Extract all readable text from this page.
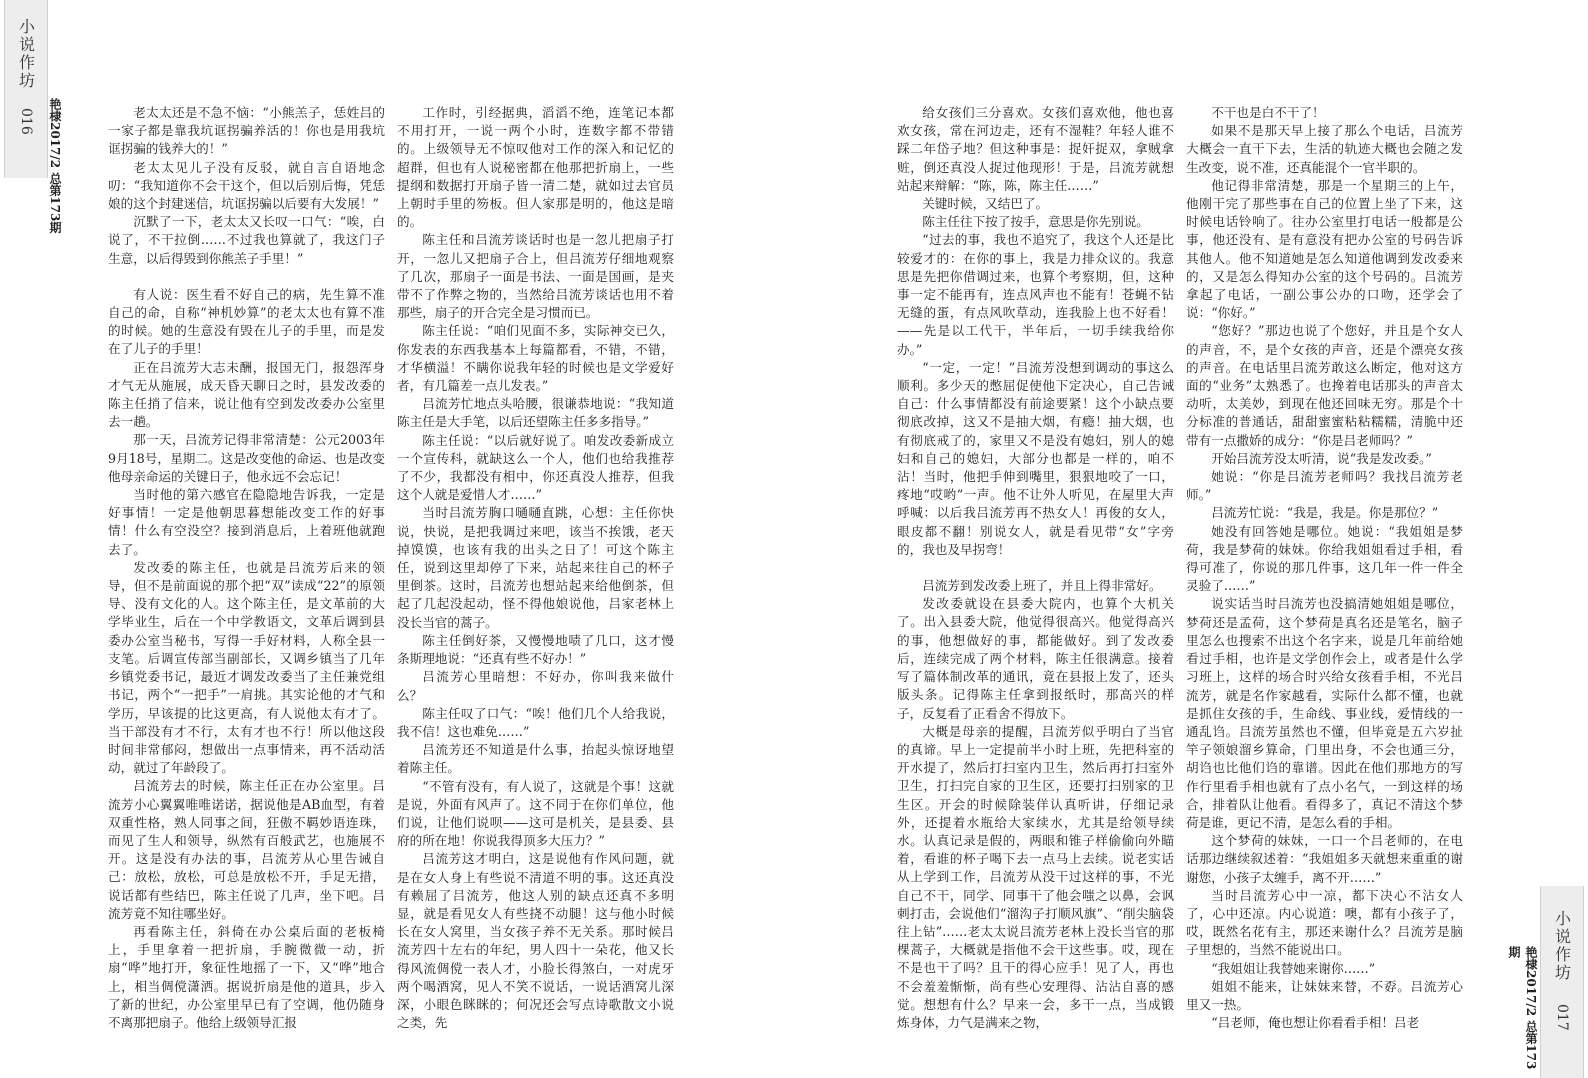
小说作坊
016 艳棣2017/2 总第173期
小说作坊
017
艳棣2017/2 总第173期

老太太还是不急不恼：“小熊羔子，恁姓吕的一家子都是靠我坑诓拐骗养活的！你也是用我坑诓拐骗的钱养大的！”

老太太见儿子没有反驳，就自言自语地念叨：“我知道你不会干这个，但以后别后悔，凭恁娘的这个封建迷信，坑诓拐骗以后要有大发展！”

沉默了一下，老太太又长叹一口气：“唉，白说了，不干拉倒……不过我也算就了，我这门子生意，以后得毁到你熊羔子手里！”

有人说：医生看不好自己的病，先生算不准自己的命，自称“神机妙算”的老太太也有算不准的时候。她的生意没有毁在儿子的手里，而是发在了儿子的手里！

正在吕流芳大志未酬，报国无门，报怨浑身才气无从施展，成天昏天聊日之时，县发改委的陈主任捎了信来，说让他有空到发改委办公室里去一趟。

那一天，吕流芳记得非常清楚：公元2003年9月18号，星期二。这是改变他的命运、也是改变他母亲命运的关键日子，他永远不会忘记！

当时他的第六感官在隐隐地告诉我，一定是好事情！一定是他朝思暮想能改变工作的好事情！什么有空没空？接到消息后，上着班他就跑去了。

发改委的陈主任，也就是吕流芳后来的领导，但不是前面说的那个把“双”读成“22”的原领导、没有文化的人。这个陈主任，是文革前的大学毕业生，后在一个中学教语文，文革后调到县委办公室当秘书，写得一手好材料，人称全县一支笔。后调宣传部当副部长，又调乡镇当了几年乡镇党委书记，最近才调发改委当了主任兼党组书记，两个“一把手”一肩挑。其实论他的才气和学历，早该提的比这更高，有人说他太有才了。当干部没有才不行，太有才也不行！所以他这段时间非常郁闷，想做出一点事情来，再不活动活动，就过了年龄段了。

吕流芳去的时候，陈主任正在办公室里。吕流芳小心翼翼唯唯诺诺，据说他是AB血型，有着双重性格，熟人同事之间，狂傲不羁妙语连珠，而见了生人和领导，纵然有百般武艺，也施展不开。这是没有办法的事，吕流芳从心里告诫自己：放松，放松，可总是放松不开，手足无措，说话都有些结巴，陈主任说了几声，坐下吧。吕流芳竟不知往哪坐好。

再看陈主任，斜倚在办公桌后面的老板椅上，手里拿着一把折扇，手腕微微一动，折扇“哗”地打开，象征性地摇了一下，又“哗”地合上，相当倜傥潇洒。据说折扇是他的道具，步入了新的世纪，办公室里早已有了空调，他仍随身不离那把扇子。他给上级领导汇报

工作时，引经据典，滔滔不绝，连笔记本都不用打开，一说一两个小时，连数字都不带错的。上级领导无不惊叹他对工作的深入和记忆的超群，但也有人说秘密都在他那把折扇上，一些提纲和数据打开扇子皆一清二楚，就如过去官员上朝时手里的笏板。但人家那是明的，他这是暗的。

陈主任和吕流芳谈话时也是一忽儿把扇子打开，一忽儿又把扇子合上，但吕流芳仔细地观察了几次，那扇子一面是书法、一面是国画，是夹带不了作弊之物的，当然给吕流芳谈话也用不着那些，扇子的开合完全是习惯而已。

陈主任说：“咱们见面不多，实际神交已久，你发表的东西我基本上每篇都看，不错，不错，才华横溢！不瞒你说我年轻的时候也是文学爱好者，有几篇差一点儿发表。”

吕流芳忙地点头哈腰，很谦恭地说：“我知道陈主任是大手笔，以后还望陈主任多多指导。”

陈主任说：“以后就好说了。咱发改委新成立一个宣传科，就缺这么一个人，他们也给我推荐了不少，我都没有相中，你还真没人推荐，但我这个人就是爱惜人才……”

当时吕流芳胸口嗵嗵直跳，心想：主任你快说，快说，是把我调过来吧，该当不挨饿，老天掉馍馍，也该有我的出头之日了！可这个陈主任，说到这里却停了下来，站起来往自己的杯子里倒茶。这时，吕流芳也想站起来给他倒茶，但起了几起没起动，怪不得他娘说他，吕家老林上没长当官的蒿子。

陈主任倒好茶，又慢慢地啧了几口，这才慢条斯理地说：“还真有些不好办！”

吕流芳心里暗想：不好办，你叫我来做什么？

陈主任叹了口气：“唉！他们几个人给我说，我不信！这也难免……”

吕流芳还不知道是什么事，抬起头惊讶地望着陈主任。

“不管有没有，有人说了，这就是个事！这就是说，外面有风声了。这不同于在你们单位，他们说，让他们说呗——这可是机关，是县委、县府的所在地！你说我得顶多大压力？”

吕流芳这才明白，这是说他有作风问题，就是在女人身上有些说不清道不明的事。这还真没有赖屈了吕流芳，他这人别的缺点还真不多明显，就是看见女人有些挠不动腿！这与他小时候长在女人窝里，当女孩子养不无关系。那时候吕流芳四十左右的年纪，男人四十一朵花，他又长得风流倜傥一表人才，小脸长得煞白，一对虎牙两个喝酒窝，见人不笑不说话，一说话酒窝儿深深，小眼色眯眯的；何况还会写点诗歌散文小说之类，先

给女孩们三分喜欢。女孩们喜欢他，他也喜欢女孩，常在河边走，还有不湿鞋？年轻人谁不踩二年岱子地？但这种事是：捉奸捉双，拿贼拿赃，倒还真没人捉过他现形！于是，吕流芳就想站起来辩解：“陈，陈，陈主任……”

关键时候，又结巴了。

陈主任往下按了按手，意思是你先别说。

“过去的事，我也不追究了，我这个人还是比较爱才的：在你的事上，我是力排众议的。我意思是先把你借调过来，也算个考察期，但，这种事一定不能再有，连点风声也不能有！苍蝇不钻无缝的蛋，有点风吹草动，连我脸上也不好看！——先是以工代干，半年后，一切手续我给你办。”

“一定，一定！”吕流芳没想到调动的事这么顺利。多少天的憋屈促使他下定决心，自己告诫自己：什么事情都没有前途要紧！这个小缺点要彻底改掉，这又不是抽大烟，有瘾！抽大烟，也有彻底戒了的，家里又不是没有媳妇，别人的媳妇和自己的媳妇，大部分也都是一样的，咱不沾！当时，他把手伸到嘴里，狠狠地咬了一口，疼地“哎哟”一声。他不让外人听见，在屋里大声呼喊：以后我吕流芳再不热女人！再俊的女人，眼皮都不翻！别说女人，就是看见带“女”字旁的，我也及早拐弯！

吕流芳到发改委上班了，并且上得非常好。

发改委就设在县委大院内，也算个大机关了。出入县委大院，他觉得很高兴。他觉得高兴的事，他想做好的事，都能做好。到了发改委后，连续完成了两个材料，陈主任很满意。接着写了篇体制改革的通讯，竟在县报上发了，还头版头条。记得陈主任拿到报纸时，那高兴的样子，反复看了正看舍不得放下。

大概是母亲的提醒，吕流芳似乎明白了当官的真谛。早上一定提前半小时上班，先把科室的开水提了，然后打扫室内卫生，然后再打扫室外卫生，打扫完自家的卫生区，还要打扫别家的卫生区。开会的时候除装佯认真听讲，仔细记录外，还提着水瓶给大家续水，尤其是给领导续水。认真记录是假的，两眼和锥子样偷偷向外瞄着，看谁的杯子喝下去一点马上去续。说老实话从上学到工作，吕流芳从没干过这样的事，不光自己不干，同学、同事干了他会嗤之以鼻，会讽刺打击，会说他们“溜沟子打顺风旗”、“削尖脑袋往上钻”……老太太说吕流芳老林上没长当官的那棵蒿子，大概就是指他不会干这些事。哎，现在不是也干了吗？且干的得心应手！见了人，再也不会羞羞惭惭，尚有些心安理得、沾沾自喜的感觉。想想有什么？早来一会，多干一点，当成锻炼身体，力气是满来之物，

不干也是白不干了！

如果不是那天早上接了那么个电话，吕流芳大概会一直干下去，生活的轨迹大概也会随之发生改变，说不准，还真能混个一官半职的。

他记得非常清楚，那是一个星期三的上午，他刚干完了那些事在自己的位置上坐了下来，这时候电话铃响了。往办公室里打电话一般都是公事，他还没有、是有意没有把办公室的号码告诉其他人。他不知道她是怎么知道他调到发改委来的，又是怎么得知办公室的这个号码的。吕流芳拿起了电话，一副公事公办的口吻，还学会了说：“你好。”

“您好？”那边也说了个您好，并且是个女人的声音，不，是个女孩的声音，还是个漂亮女孩的声音。在电话里吕流芳敢这么断定，他对这方面的“业务”太熟悉了。也搀着电话那头的声音太动听，太美妙，到现在他还回味无穷。那是个十分标准的普通话，甜甜蜜蜜粘粘糯糯，清脆中还带有一点撒娇的成分：“你是吕老师吗？”

开始吕流芳没太听清，说“我是发改委。”

她说：“你是吕流芳老师吗？我找吕流芳老师。”

吕流芳忙说：“我是，我是。你是那位？”

她没有回答她是哪位。她说：“我姐姐是梦荷，我是梦荷的妹妹。你给我姐姐看过手相，看得可准了，你说的那几件事，这几年一件一件全灵验了……”

说实话当时吕流芳也没搞清她姐姐是哪位，梦荷还是孟荷，这个梦荷是真名还是笔名，脑子里怎么也搜索不出这个名字来，说是几年前给她看过手相，也许是文学创作会上，或者是什么学习班上，这样的场合时兴给女孩看手相，不光吕流芳，就是名作家越看，实际什么都不懂，也就是抓住女孩的手，生命线、事业线，爱情线的一通乱诌。吕流芳虽然也不懂，但毕竟是五六岁扯竿子领娘溜乡算命，门里出身，不会也通三分，胡诌也比他们诌的靠谱。因此在他们那地方的写作行里看手相也就有了点小名气，一到这样的场合，排着队让他看。看得多了，真记不清这个梦荷是谁，更记不清，是怎么看的手相。

这个梦荷的妹妹，一口一个吕老师的，在电话那边继续叙述着：“我姐姐多天就想来重重的谢谢您，小孩子太缠手，离不开……”

当时吕流芳心中一凉，都下决心不沾女人了，心中还凉。内心说道：噢，都有小孩子了，哎，既然名花有主，那还来谢什么？吕流芳是脑子里想的，当然不能说出口。

“我姐姐让我替她来谢你……”

姐姐不能来，让妹妹来替，不孬。吕流芳心里又一热。

“吕老师，俺也想让你看看手相！吕老
